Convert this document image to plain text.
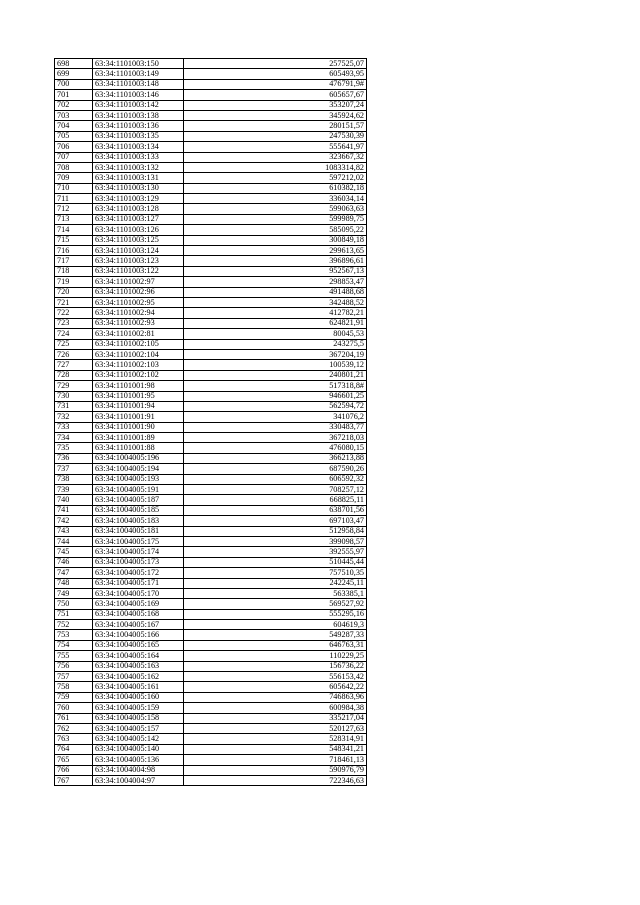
698	63:34:1101003:150	257525,07
699	63:34:1101003:149	605493,95
700	63:34:1101003:148	476791,9#
701	63:34:1101003:146	605657,67
702	63:34:1101003:142	353207,24
703	63:34:1101003:138	345924,62
704	63:34:1101003:136	280151,57
705	63:34:1101003:135	247530,39
706	63:34:1101003:134	555641,97
707	63:34:1101003:133	323667,32
708	63:34:1101003:132	1083314,82
709	63:34:1101003:131	597212,02
710	63:34:1101003:130	610382,18
711	63:34:1101003:129	336034,14
712	63:34:1101003:128	599063,63
713	63:34:1101003:127	599989,75
714	63:34:1101003:126	585095,22
715	63:34:1101003:125	300849,18
716	63:34:1101003:124	299613,65
717	63:34:1101003:123	396896,61
718	63:34:1101003:122	952567,13
719	63:34:1101002:97	298853,47
720	63:34:1101002:96	491488,68
721	63:34:1101002:95	342488,52
722	63:34:1101002:94	412782,21
723	63:34:1101002:93	624821,91
724	63:34:1101002:81	80045,53
725	63:34:1101002:105	243275,5
726	63:34:1101002:104	367204,19
727	63:34:1101002:103	100539,12
728	63:34:1101002:102	240801,21
729	63:34:1101001:98	517318,8#
730	63:34:1101001:95	946601,25
731	63:34:1101001:94	562594,72
732	63:34:1101001:91	341076,2
733	63:34:1101001:90	330483,77
734	63:34:1101001:89	367218,03
735	63:34:1101001:88	476080,15
736	63:34:1004005:196	366213,88
737	63:34:1004005:194	687590,26
738	63:34:1004005:193	606592,32
739	63:34:1004005:191	708257,12
740	63:34:1004005:187	668825,11
741	63:34:1004005:185	638701,56
742	63:34:1004005:183	697103,47
743	63:34:1004005:181	512958,84
744	63:34:1004005:175	399098,57
745	63:34:1004005:174	392555,97
746	63:34:1004005:173	510445,44
747	63:34:1004005:172	757510,35
748	63:34:1004005:171	242245,11
749	63:34:1004005:170	563385,1
750	63:34:1004005:169	569527,92
751	63:34:1004005:168	555295,16
752	63:34:1004005:167	604619,3
753	63:34:1004005:166	549287,33
754	63:34:1004005:165	646763,31
755	63:34:1004005:164	110229,25
756	63:34:1004005:163	156736,22
757	63:34:1004005:162	556153,42
758	63:34:1004005:161	605642,22
759	63:34:1004005:160	746863,96
760	63:34:1004005:159	600984,38
761	63:34:1004005:158	335217,04
762	63:34:1004005:157	520127,63
763	63:34:1004005:142	528314,91
764	63:34:1004005:140	548341,21
765	63:34:1004005:136	718461,13
766	63:34:1004004:98	590976,79
767	63:34:1004004:97	722346,63
